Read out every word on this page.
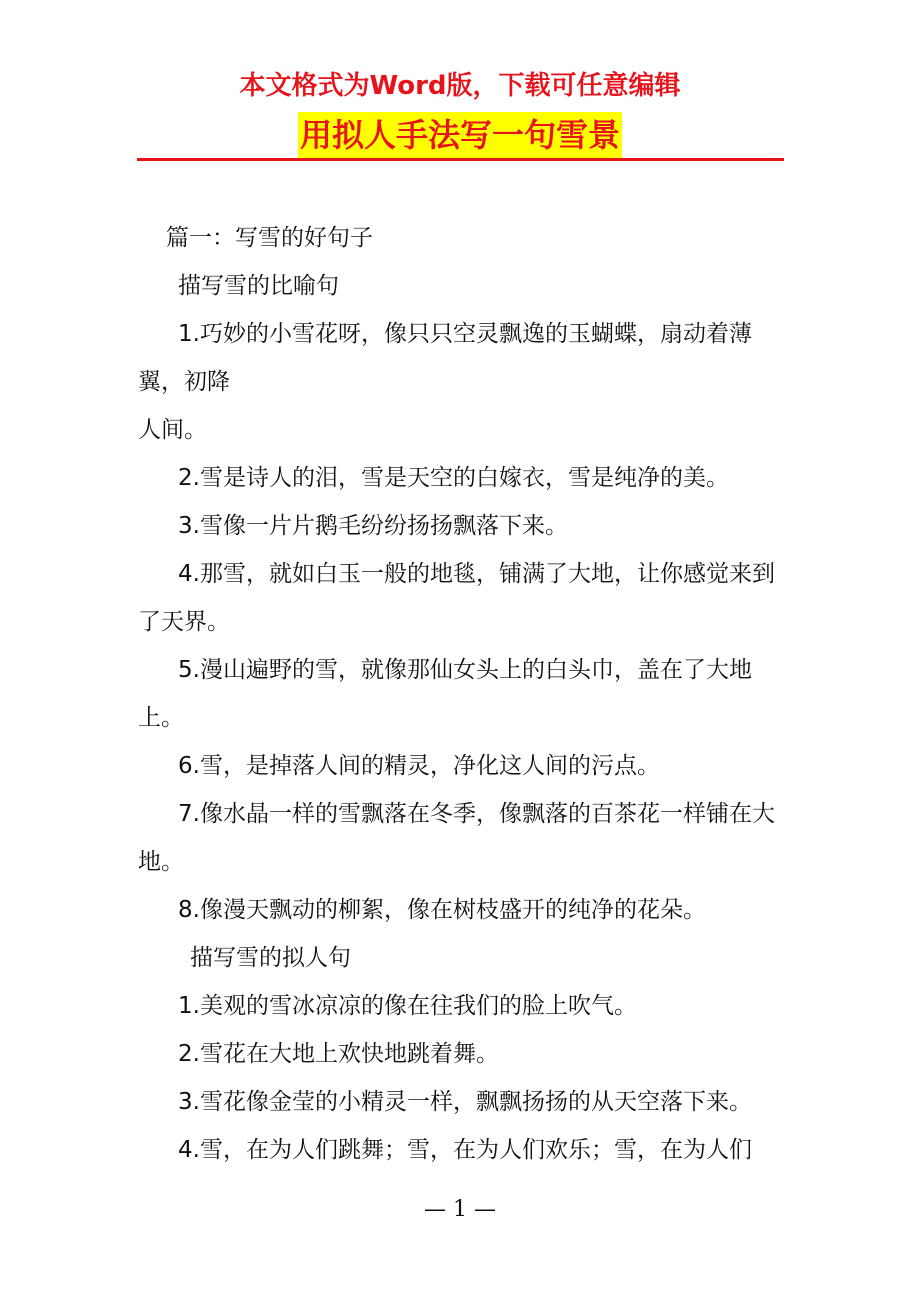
本文格式为Word版，下载可任意编辑
用拟人手法写一句雪景

篇一：写雪的好句子

描写雪的比喻句

1.巧妙的小雪花呀，像只只空灵飘逸的玉蝴蝶，扇动着薄翼，初降

人间。

2.雪是诗人的泪，雪是天空的白嫁衣，雪是纯净的美。

3.雪像一片片鹅毛纷纷扬扬飘落下来。

4.那雪，就如白玉一般的地毯，铺满了大地，让你感觉来到了天界。

5.漫山遍野的雪，就像那仙女头上的白头巾，盖在了大地上。

6.雪，是掉落人间的精灵，净化这人间的污点。

7.像水晶一样的雪飘落在冬季，像飘落的百茶花一样铺在大地。

8.像漫天飘动的柳絮，像在树枝盛开的纯净的花朵。

描写雪的拟人句

1.美观的雪冰凉凉的像在往我们的脸上吹气。

2.雪花在大地上欢快地跳着舞。

3.雪花像金莹的小精灵一样，飘飘扬扬的从天空落下来。

4.雪，在为人们跳舞；雪，在为人们欢乐；雪，在为人们

— 1 —
